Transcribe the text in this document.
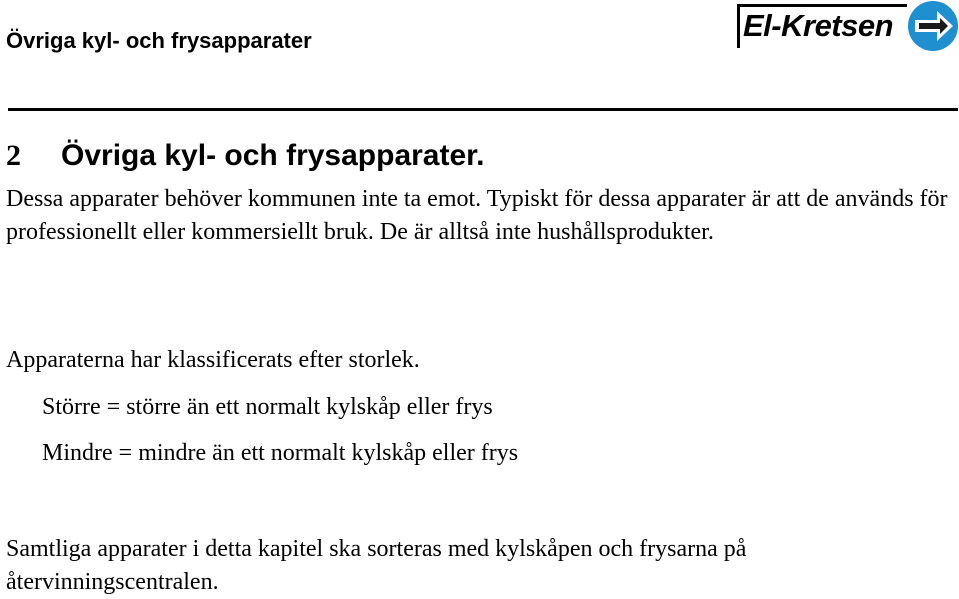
Övriga kyl- och frysapparater	El-Kretsen
2 Övriga kyl- och frysapparater.

Dessa apparater behöver kommunen inte ta emot. Typiskt för dessa apparater är att de används för professionellt eller kommersiellt bruk. De är alltså inte hushållsprodukter.

Apparaterna har klassificerats efter storlek.

Större = större än ett normalt kylskåp eller frys
Mindre = mindre än ett normalt kylskåp eller frys

Samtliga apparater i detta kapitel ska sorteras med kylskåpen och frysarna på återvinningscentralen.
